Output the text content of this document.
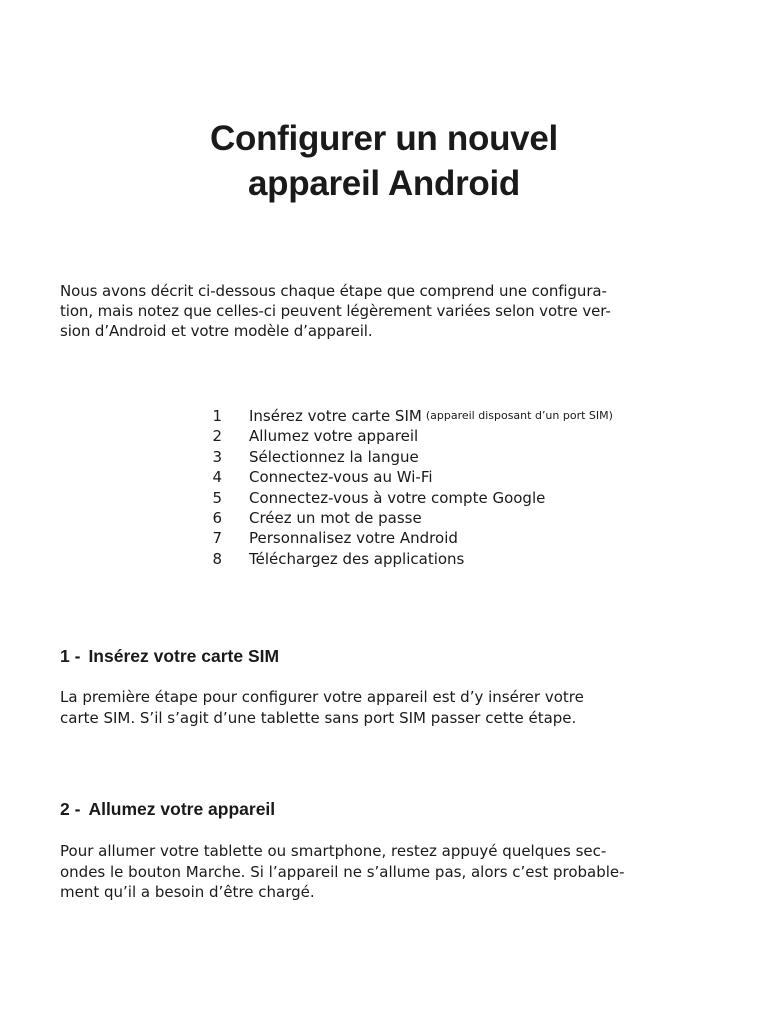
Configurer un nouvel
appareil Android

Nous avons décrit ci-dessous chaque étape que comprend une configura-
tion, mais notez que celles-ci peuvent légèrement variées selon votre ver-
sion d’Android et votre modèle d’appareil.

1 Insérez votre carte SIM (appareil disposant d’un port SIM)
2 Allumez votre appareil
3 Sélectionnez la langue
4 Connectez-vous au Wi-Fi
5 Connectez-vous à votre compte Google
6 Créez un mot de passe
7 Personnalisez votre Android
8 Téléchargez des applications
1 - Insérez votre carte SIM

La première étape pour configurer votre appareil est d’y insérer votre
carte SIM. S’il s’agit d’une tablette sans port SIM passer cette étape.

2 - Allumez votre appareil

Pour allumer votre tablette ou smartphone, restez appuyé quelques sec-
ondes le bouton Marche. Si l’appareil ne s’allume pas, alors c’est probable-
ment qu’il a besoin d’être chargé.
